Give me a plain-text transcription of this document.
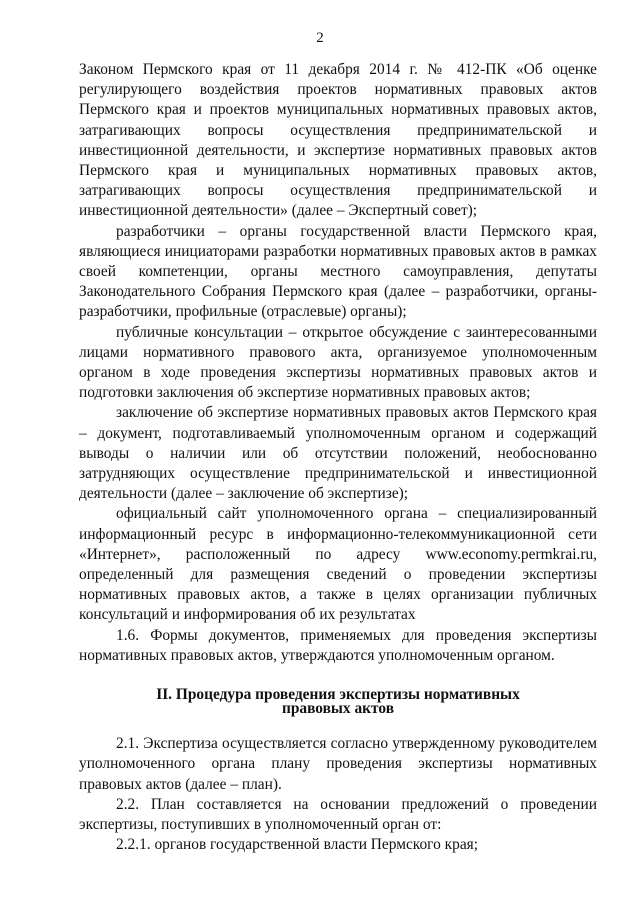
2

Законом Пермского края от 11 декабря 2014 г. № 412-ПК «Об оценке регулирующего воздействия проектов нормативных правовых актов Пермского края и проектов муниципальных нормативных правовых актов, затрагивающих вопросы осуществления предпринимательской и инвестиционной деятельности, и экспертизе нормативных правовых актов Пермского края и муниципальных нормативных правовых актов, затрагивающих вопросы осуществления предпринимательской и инвестиционной деятельности» (далее – Экспертный совет);

разработчики – органы государственной власти Пермского края, являющиеся инициаторами разработки нормативных правовых актов в рамках своей компетенции, органы местного самоуправления, депутаты Законодательного Собрания Пермского края (далее – разработчики, органы-разработчики, профильные (отраслевые) органы);

публичные консультации – открытое обсуждение с заинтересованными лицами нормативного правового акта, организуемое уполномоченным органом в ходе проведения экспертизы нормативных правовых актов и подготовки заключения об экспертизе нормативных правовых актов;

заключение об экспертизе нормативных правовых актов Пермского края – документ, подготавливаемый уполномоченным органом и содержащий выводы о наличии или об отсутствии положений, необоснованно затрудняющих осуществление предпринимательской и инвестиционной деятельности (далее – заключение об экспертизе);

официальный сайт уполномоченного органа – специализированный информационный ресурс в информационно-телекоммуникационной сети «Интернет», расположенный по адресу www.economy.permkrai.ru, определенный для размещения сведений о проведении экспертизы нормативных правовых актов, а также в целях организации публичных консультаций и информирования об их результатах

1.6. Формы документов, применяемых для проведения экспертизы нормативных правовых актов, утверждаются уполномоченным органом.

II. Процедура проведения экспертизы нормативных
правовых актов

2.1. Экспертиза осуществляется согласно утвержденному руководителем уполномоченного органа плану проведения экспертизы нормативных правовых актов (далее – план).

2.2. План составляется на основании предложений о проведении экспертизы, поступивших в уполномоченный орган от:

2.2.1. органов государственной власти Пермского края;
